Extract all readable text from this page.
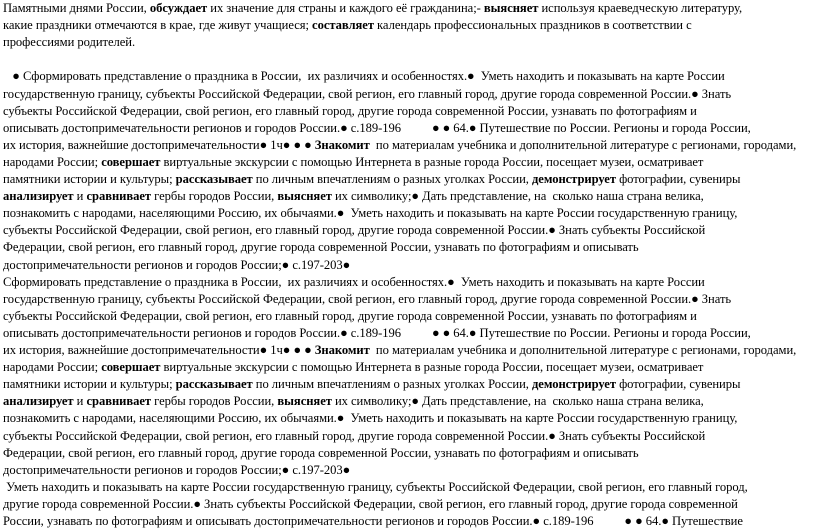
Памятными днями России, обсуждает их значение для страны и каждого её гражданина;- выясняет используя краеведческую литературу,
какие праздники отмечаются в крае, где живут учащиеся; составляет календарь профессиональных праздников в соответствии с
профессиями родителей.
● Сформировать представление о праздника в России,  их различиях и особенностях.●  Уметь находить и показывать на карте России
государственную границу, субъекты Российской Федерации, свой регион, его главный город, другие города современной России.● Знать
субъекты Российской Федерации, свой регион, его главный город, другие города современной России, узнавать по фотографиям и
описывать достопримечательности регионов и городов России.● с.189-196          ● ● 64.● Путешествие по России. Регионы и города России,
их история, важнейшие достопримечательности● 1ч● ● ● Знакомит  по материалам учебника и дополнительной литературе с регионами, городами,
народами России; совершает виртуальные экскурсии с помощью Интернета в разные города России, посещает музеи, осматривает
памятники истории и культуры; рассказывает по личным впечатлениям о разных уголках России, демонстрирует фотографии, сувениры
анализирует и сравнивает гербы городов России, выясняет их символику;● Дать представление, на  сколько наша страна велика,
познакомить с народами, населяющими Россию, их обычаями.●  Уметь находить и показывать на карте России государственную границу,
субъекты Российской Федерации, свой регион, его главный город, другие города современной России.● Знать субъекты Российской
Федерации, свой регион, его главный город, другие города современной России, узнавать по фотографиям и описывать
достопримечательности регионов и городов России;● с.197-203●
Сформировать представление о праздника в России,  их различиях и особенностях.●  Уметь находить и показывать на карте России
государственную границу, субъекты Российской Федерации, свой регион, его главный город, другие города современной России.● Знать
субъекты Российской Федерации, свой регион, его главный город, другие города современной России, узнавать по фотографиям и
описывать достопримечательности регионов и городов России.● с.189-196          ● ● 64.● Путешествие по России. Регионы и города России,
их история, важнейшие достопримечательности● 1ч● ● ● Знакомит  по материалам учебника и дополнительной литературе с регионами, городами,
народами России; совершает виртуальные экскурсии с помощью Интернета в разные города России, посещает музеи, осматривает
памятники истории и культуры; рассказывает по личным впечатлениям о разных уголках России, демонстрирует фотографии, сувениры
анализирует и сравнивает гербы городов России, выясняет их символику;● Дать представление, на  сколько наша страна велика,
познакомить с народами, населяющими Россию, их обычаями.●  Уметь находить и показывать на карте России государственную границу,
субъекты Российской Федерации, свой регион, его главный город, другие города современной России.● Знать субъекты Российской
Федерации, свой регион, его главный город, другие города современной России, узнавать по фотографиям и описывать
достопримечательности регионов и городов России;● с.197-203●
Уметь находить и показывать на карте России государственную границу, субъекты Российской Федерации, свой регион, его главный город,
другие города современной России.● Знать субъекты Российской Федерации, свой регион, его главный город, другие города современной
России, узнавать по фотографиям и описывать достопримечательности регионов и городов России.● с.189-196          ● ● 64.● Путешествие
